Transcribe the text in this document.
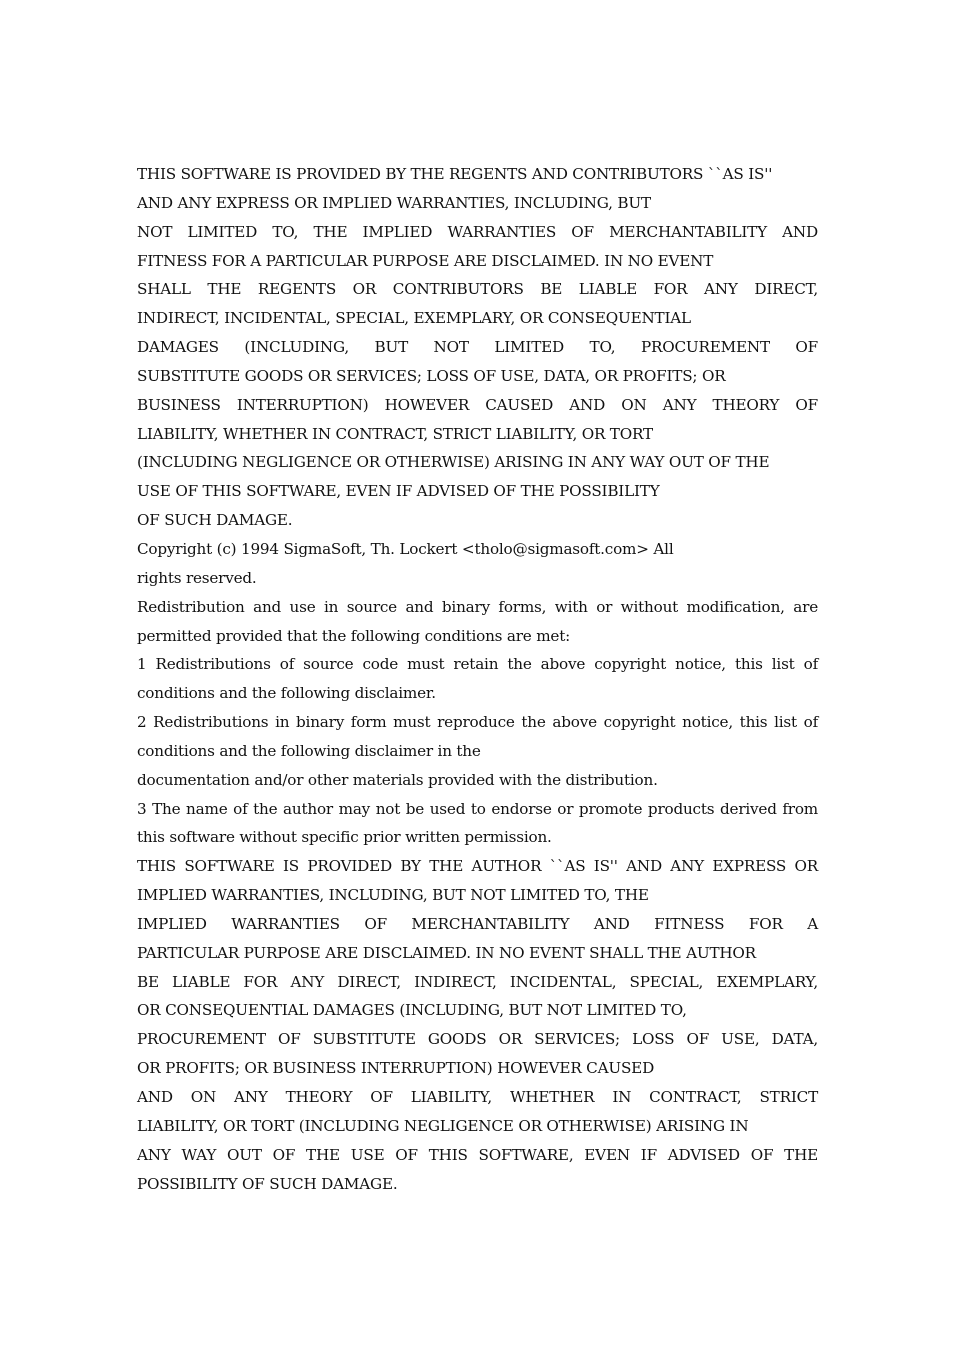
THIS SOFTWARE IS PROVIDED BY THE REGENTS AND CONTRIBUTORS ``AS IS''
AND ANY EXPRESS OR IMPLIED WARRANTIES, INCLUDING, BUT
NOT LIMITED TO, THE IMPLIED WARRANTIES OF MERCHANTABILITY AND
FITNESS FOR A PARTICULAR PURPOSE ARE DISCLAIMED. IN NO EVENT
SHALL THE REGENTS OR CONTRIBUTORS BE LIABLE FOR ANY DIRECT,
INDIRECT, INCIDENTAL, SPECIAL, EXEMPLARY, OR CONSEQUENTIAL
DAMAGES (INCLUDING, BUT NOT LIMITED TO, PROCUREMENT OF
SUBSTITUTE GOODS OR SERVICES; LOSS OF USE, DATA, OR PROFITS; OR
BUSINESS INTERRUPTION) HOWEVER CAUSED AND ON ANY THEORY OF
LIABILITY, WHETHER IN CONTRACT, STRICT LIABILITY, OR TORT
(INCLUDING NEGLIGENCE OR OTHERWISE) ARISING IN ANY WAY OUT OF THE
USE OF THIS SOFTWARE, EVEN IF ADVISED OF THE POSSIBILITY
OF SUCH DAMAGE.
Copyright (c) 1994 SigmaSoft, Th. Lockert <tholo@sigmasoft.com> All
rights reserved.
Redistribution and use in source and binary forms, with or without modification, are
permitted provided that the following conditions are met:
1 Redistributions of source code must retain the above copyright notice, this list of
conditions and the following disclaimer.
2 Redistributions in binary form must reproduce the above copyright notice, this list of
conditions and the following disclaimer in the
documentation and/or other materials provided with the distribution.
3 The name of the author may not be used to endorse or promote products derived from
this software without specific prior written permission.
THIS SOFTWARE IS PROVIDED BY THE AUTHOR ``AS IS'' AND ANY EXPRESS OR
IMPLIED WARRANTIES, INCLUDING, BUT NOT LIMITED TO, THE
IMPLIED WARRANTIES OF MERCHANTABILITY AND FITNESS FOR A
PARTICULAR PURPOSE ARE DISCLAIMED. IN NO EVENT SHALL THE AUTHOR
BE LIABLE FOR ANY DIRECT, INDIRECT, INCIDENTAL, SPECIAL, EXEMPLARY,
OR CONSEQUENTIAL DAMAGES (INCLUDING, BUT NOT LIMITED TO,
PROCUREMENT OF SUBSTITUTE GOODS OR SERVICES; LOSS OF USE, DATA,
OR PROFITS; OR BUSINESS INTERRUPTION) HOWEVER CAUSED
AND ON ANY THEORY OF LIABILITY, WHETHER IN CONTRACT, STRICT
LIABILITY, OR TORT (INCLUDING NEGLIGENCE OR OTHERWISE) ARISING IN
ANY WAY OUT OF THE USE OF THIS SOFTWARE, EVEN IF ADVISED OF THE
POSSIBILITY OF SUCH DAMAGE.
